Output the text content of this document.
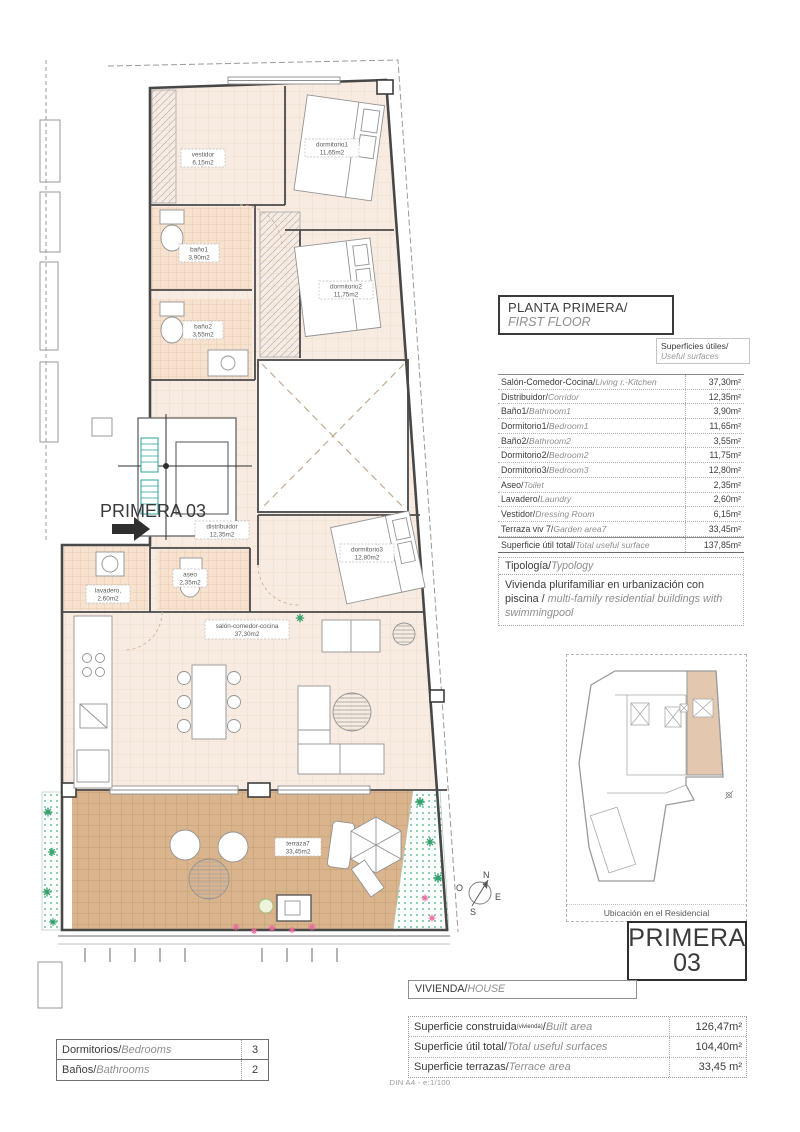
PRIMERA 03
N
E
S
O
vestidor
6,15m2
dormitorio1
11,65m2
baño1
3,90m2
baño2
3,55m2
dormitorio2
11,75m2
distribuidor
12,35m2
dormitorio3
12,80m2
aseo
2,35m2
lavadero,
2,60m2
salón-comedor-cocina
37,30m2
terraza7
33,45m2
PLANTA PRIMERA/
FIRST FLOOR
Superficies útiles/
Useful surfaces
Salón-Comedor-Cocina/ Living r.-Kitchen	37,30m²
Distribuidor/ Corridor	12,35m²
Baño1/ Bathroom1	3,90m²
Dormitorio1/ Bedroom1	11,65m²
Baño2/ Bathroom2	3,55m²
Dormitorio2/ Bedroom2	11,75m²
Dormitorio3/ Bedroom3	12,80m²
Aseo/ Toilet	2,35m²
Lavadero/ Laundry	2,60m²
Vestidor/ Dressing Room	6,15m²
Terraza viv 7/ Garden area7	33,45m²
Superficie útil total/ Total useful surface	137,85m²
Tipología/Typology
Vivienda plurifamiliar en urbanización con piscina / multi-family residential buildings with swimmingpool
Ubicación en el Residencial
PRIMERA
03
VIVIENDA/HOUSE
Superficie construida (vivienda) / Built area	126,47m²
Superficie útil total / Total useful surfaces	104,40m²
Superficie terrazas / Terrace area	33,45 m²
Dormitorios/ Bedrooms	3
Baños/ Bathrooms	2
DIN A4 - e:1/100
